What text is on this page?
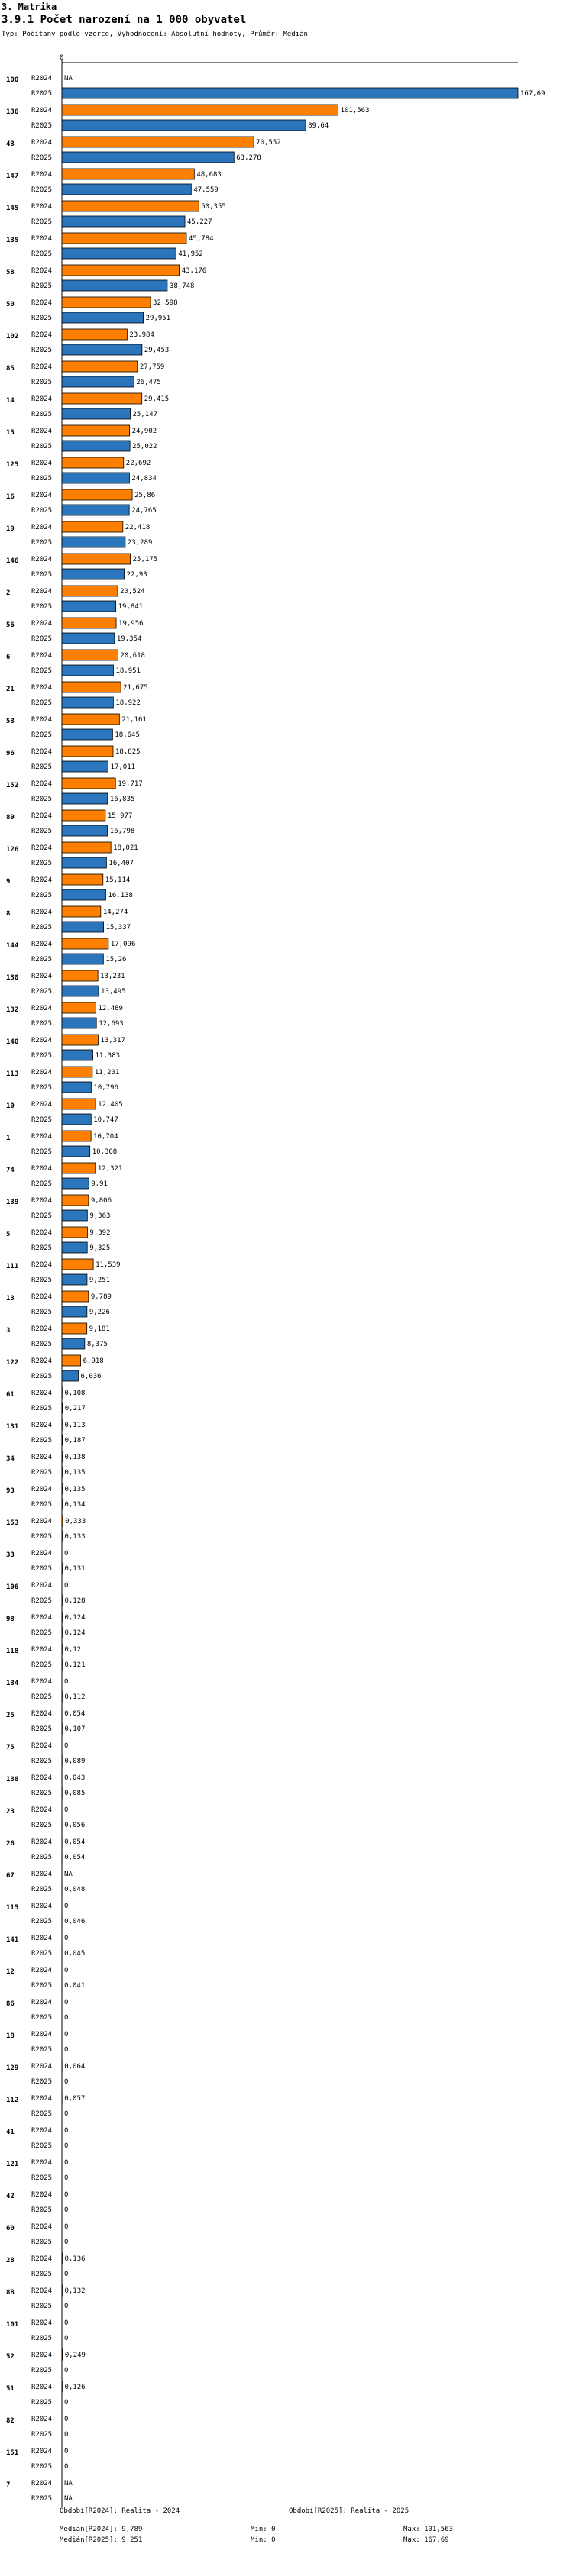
3. Matrika
3.9.1 Počet narození na 1 000 obyvatel
Typ: Počítaný podle vzorce, Vyhodnocení: Absolutní hodnoty, Průměr: Medián
0
100 R2024 NA
R2025	167,69
136 R2024	101,563
R2025	89,64
43 R2024	70,552
R2025	63,278
147 R2024	48,683
R2025	47,559
145 R2024	50,355
R2025	45,227
135 R2024	45,784
R2025	41,952
58 R2024	43,176
R2025	38,748
50 R2024	32,598
R2025	29,951
102 R2024	23,984
R2025	29,453
85 R2024	27,759
R2025	26,475
14 R2024	29,415
R2025	25,147
15 R2024	24,902
R2025	25,022
125 R2024	22,692
R2025	24,834
16 R2024	25,86
R2025	24,765
19 R2024	22,418
R2025	23,289
146 R2024	25,175
R2025	22,93
2	R2024	20,524
R2025	19,841
56 R2024	19,956
R2025	19,354
6	R2024	20,618
R2025	18,951
21 R2024	21,675
R2025	18,922
53 R2024	21,161
R2025	18,645
96 R2024	18,825
R2025	17,011
152 R2024	19,717
R2025	16,835
89 R2024	15,977
R2025	16,798
126 R2024	18,021
R2025	16,407
9	R2024	15,114
R2025	16,138
8	R2024	14,274
R2025	15,337
144 R2024	17,096
R2025	15,26
130 R2024	13,231
R2025	13,495
132 R2024	12,489
R2025	12,693
140 R2024	13,317
R2025	11,383
113 R2024	11,201
R2025	10,796
10 R2024	12,405
R2025	10,747
1	R2024	10,704
R2025	10,308
74 R2024	12,321
R2025	9,91
139 R2024	9,806
R2025	9,363
5	R2024	9,392
R2025	9,325
111 R2024	11,539
R2025	9,251
13 R2024	9,789
R2025	9,226
3	R2024	9,181
R2025	8,375
122 R2024	6,918
R2025	6,036
61 R2024 0,108
R2025 0,217
131 R2024 0,113
R2025 0,187
34 R2024 0,138
R2025 0,135
93 R2024 0,135
R2025 0,134
153 R2024 0,333
R2025 0,133
33 R2024 0
R2025 0,131
106 R2024 0
R2025 0,128
98 R2024 0,124
R2025 0,124
118 R2024 0,12
R2025 0,121
134 R2024 0
R2025 0,112
25 R2024 0,054
R2025 0,107
75 R2024 0
R2025 0,089
138 R2024 0,043
R2025 0,085
23 R2024 0
R2025 0,056
26 R2024 0,054
R2025 0,054
67 R2024 NA
R2025 0,048
115 R2024 0
R2025 0,046
141 R2024 0
R2025 0,045
12 R2024 0
R2025 0,041
86 R2024 0
R2025 0
18 R2024 0
R2025 0
129 R2024 0,064
R2025 0
112 R2024 0,057
R2025 0
41 R2024 0
R2025 0
121 R2024 0
R2025 0
42 R2024 0
R2025 0
60 R2024 0
R2025 0
28 R2024 0,136
R2025 0
88 R2024 0,132
R2025 0
101 R2024 0
R2025 0
52 R2024 0,249
R2025 0
51 R2024 0,126
R2025 0
82 R2024 0
R2025 0
151 R2024 0
R2025 0
7	R2024 NA
R2025 NA
Období[R2024]: Realita - 2024	Období[R2025]: Realita - 2025
Medián[R2024]: 9,789	Min: 0	Max: 101,563
Medián[R2025]: 9,251	Min: 0	Max: 167,69
